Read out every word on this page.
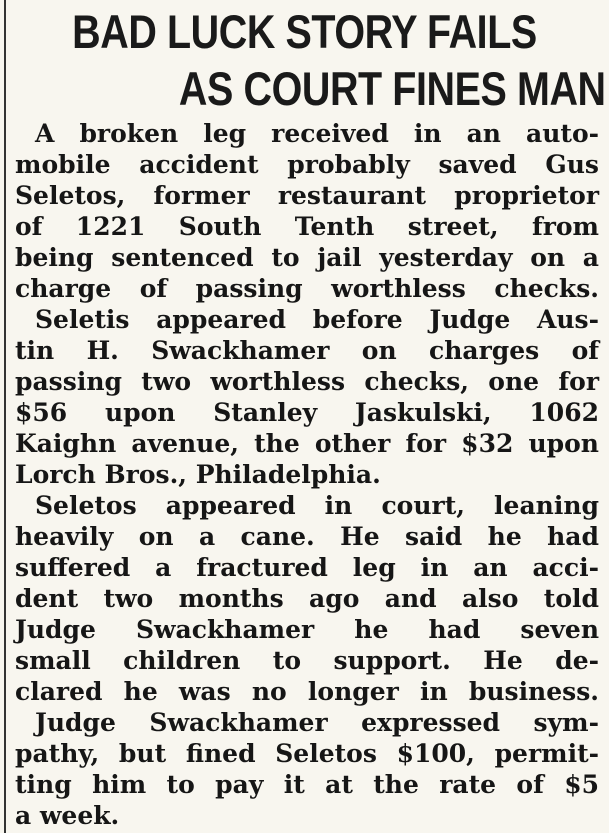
BAD LUCK STORY FAILS
AS COURT FINES MAN
A broken leg received in an auto-
mobile accident probably saved Gus
Seletos, former restaurant proprietor
of 1221 South Tenth street, from
being sentenced to jail yesterday on a
charge of passing worthless checks.
Seletis appeared before Judge Aus-
tin H. Swackhamer on charges of
passing two worthless checks, one for
$56 upon Stanley Jaskulski, 1062
Kaighn avenue, the other for $32 upon
Lorch Bros., Philadelphia.
Seletos appeared in court, leaning
heavily on a cane. He said he had
suffered a fractured leg in an acci-
dent two months ago and also told
Judge Swackhamer he had seven
small children to support. He de-
clared he was no longer in business.
Judge Swackhamer expressed sym-
pathy, but fined Seletos $100, permit-
ting him to pay it at the rate of $5
a week.
